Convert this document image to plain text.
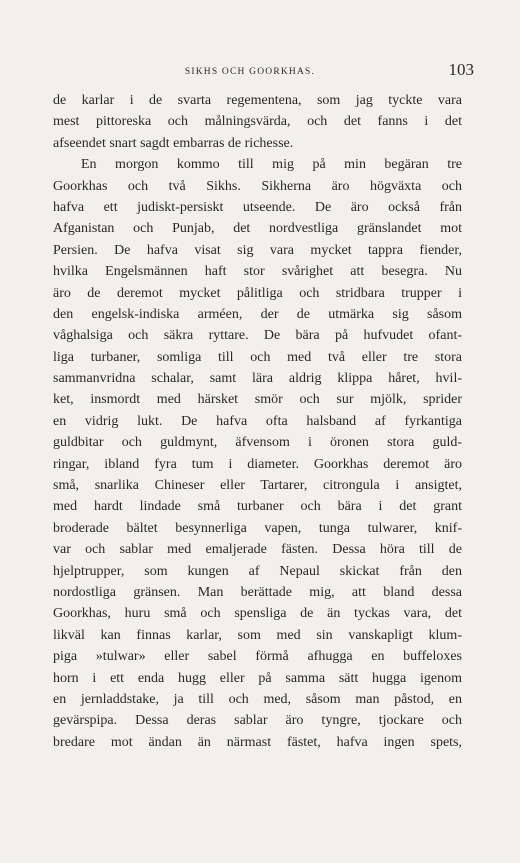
SIKHS OCH GOORKHAS.	103
de karlar i de svarta regementena, som jag tyckte vara
mest pittoreska och målningsvärda, och det fanns i det
afseendet snart sagdt embarras de richesse.
En morgon kommo till mig på min begäran tre
Goorkhas och två Sikhs. Sikherna äro högväxta och
hafva ett judiskt-persiskt utseende. De äro också från
Afganistan och Punjab, det nordvestliga gränslandet mot
Persien. De hafva visat sig vara mycket tappra fiender,
hvilka Engelsmännen haft stor svårighet att besegra. Nu
äro de deremot mycket pålitliga och stridbara trupper i
den engelsk-indiska arméen, der de utmärka sig såsom
våghalsiga och säkra ryttare. De bära på hufvudet ofant-
liga turbaner, somliga till och med två eller tre stora
sammanvridna schalar, samt lära aldrig klippa håret, hvil-
ket, insmordt med härsket smör och sur mjölk, sprider
en vidrig lukt. De hafva ofta halsband af fyrkantiga
guldbitar och guldmynt, äfvensom i öronen stora guld-
ringar, ibland fyra tum i diameter. Goorkhas deremot äro
små, snarlika Chineser eller Tartarer, citrongula i ansigtet,
med hardt lindade små turbaner och bära i det grant
broderade bältet besynnerliga vapen, tunga tulwarer, knif-
var och sablar med emaljerade fästen. Dessa höra till de
hjelptrupper, som kungen af Nepaul skickat från den
nordostliga gränsen. Man berättade mig, att bland dessa
Goorkhas, huru små och spensliga de än tyckas vara, det
likväl kan finnas karlar, som med sin vanskapligt klum-
piga »tulwar» eller sabel förmå afhugga en buffeloxes
horn i ett enda hugg eller på samma sätt hugga igenom
en jernladdstake, ja till och med, såsom man påstod, en
gevärspipa. Dessa deras sablar äro tyngre, tjockare och
bredare mot ändan än närmast fästet, hafva ingen spets,
